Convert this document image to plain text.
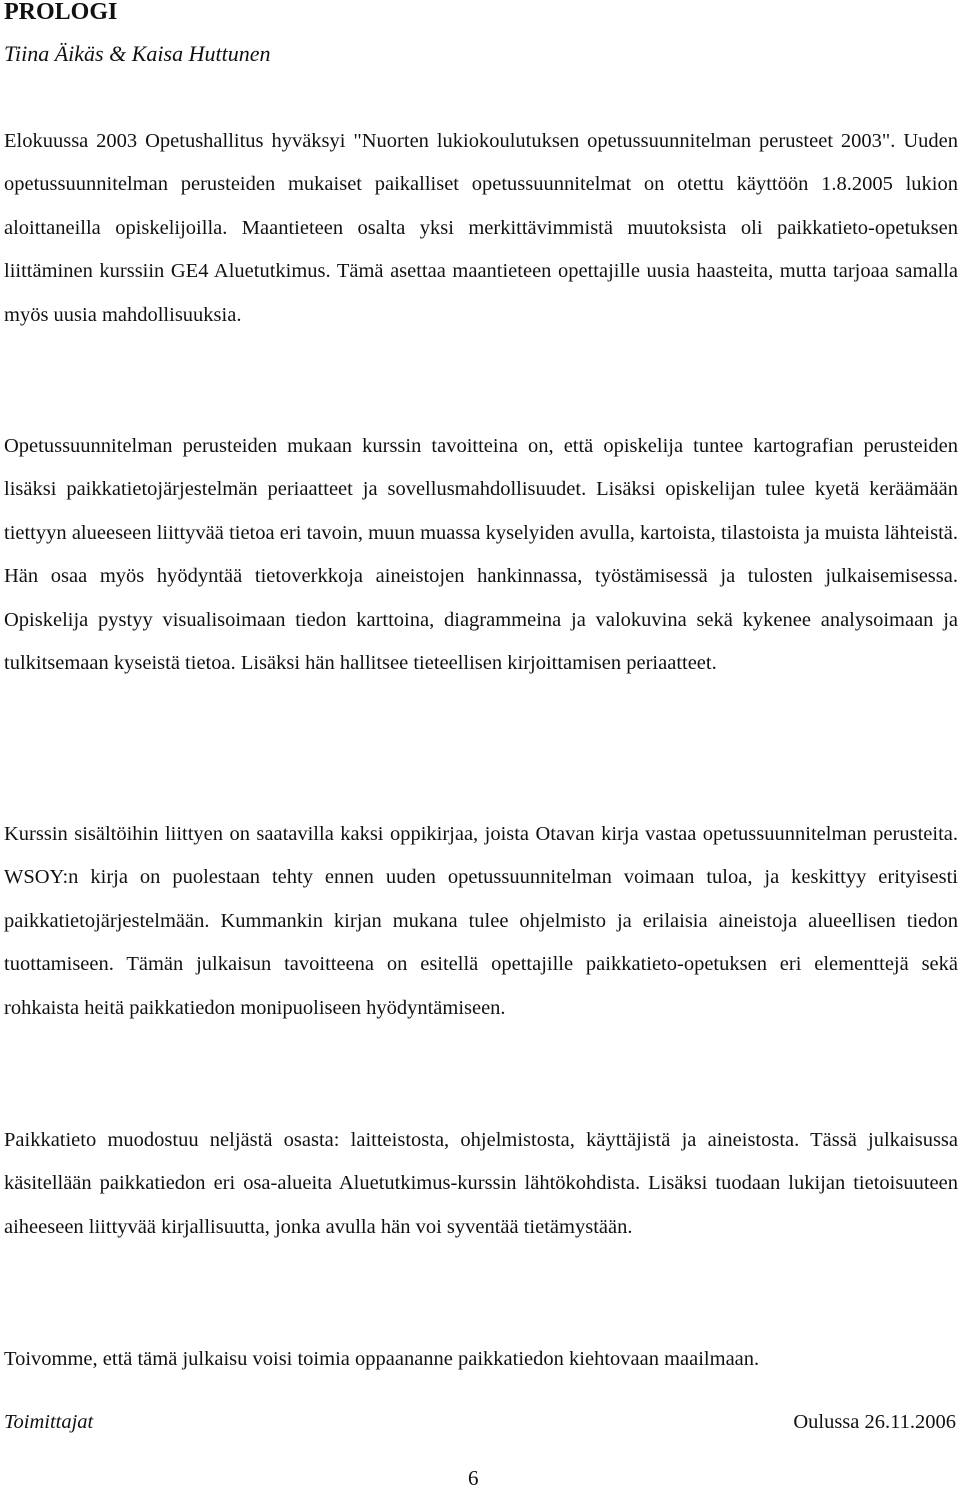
PROLOGI

Tiina Äikäs & Kaisa Huttunen

Elokuussa 2003 Opetushallitus hyväksyi "Nuorten lukiokoulutuksen opetussuunnitelman perusteet 2003". Uuden opetussuunnitelman perusteiden mukaiset paikalliset opetussuunnitelmat on otettu käyttöön 1.8.2005 lukion aloittaneilla opiskelijoilla. Maantieteen osalta yksi merkittävimmistä muutoksista oli paikkatieto-opetuksen liittäminen kurssiin GE4 Aluetutkimus. Tämä asettaa maantieteen opettajille uusia haasteita, mutta tarjoaa samalla myös uusia mahdollisuuksia.

Opetussuunnitelman perusteiden mukaan kurssin tavoitteina on, että opiskelija tuntee kartografian perusteiden lisäksi paikkatietojärjestelmän periaatteet ja sovellusmahdollisuudet. Lisäksi opiskelijan tulee kyetä keräämään tiettyyn alueeseen liittyvää tietoa eri tavoin, muun muassa kyselyiden avulla, kartoista, tilastoista ja muista lähteistä. Hän osaa myös hyödyntää tietoverkkoja aineistojen hankinnassa, työstämisessä ja tulosten julkaisemisessa. Opiskelija pystyy visualisoimaan tiedon karttoina, diagrammeina ja valokuvina sekä kykenee analysoimaan ja tulkitsemaan kyseistä tietoa. Lisäksi hän hallitsee tieteellisen kirjoittamisen periaatteet.

Kurssin sisältöihin liittyen on saatavilla kaksi oppikirjaa, joista Otavan kirja vastaa opetussuunnitelman perusteita. WSOY:n kirja on puolestaan tehty ennen uuden opetussuunnitelman voimaan tuloa, ja keskittyy erityisesti paikkatietojärjestelmään. Kummankin kirjan mukana tulee ohjelmisto ja erilaisia aineistoja alueellisen tiedon tuottamiseen. Tämän julkaisun tavoitteena on esitellä opettajille paikkatieto-opetuksen eri elementtejä sekä rohkaista heitä paikkatiedon monipuoliseen hyödyntämiseen.

Paikkatieto muodostuu neljästä osasta: laitteistosta, ohjelmistosta, käyttäjistä ja aineistosta. Tässä julkaisussa käsitellään paikkatiedon eri osa-alueita Aluetutkimus-kurssin lähtökohdista. Lisäksi tuodaan lukijan tietoisuuteen aiheeseen liittyvää kirjallisuutta, jonka avulla hän voi syventää tietämystään.

Toivomme, että tämä julkaisu voisi toimia oppaananne paikkatiedon kiehtovaan maailmaan.

Toimittajat	Oulussa 26.11.2006
6
